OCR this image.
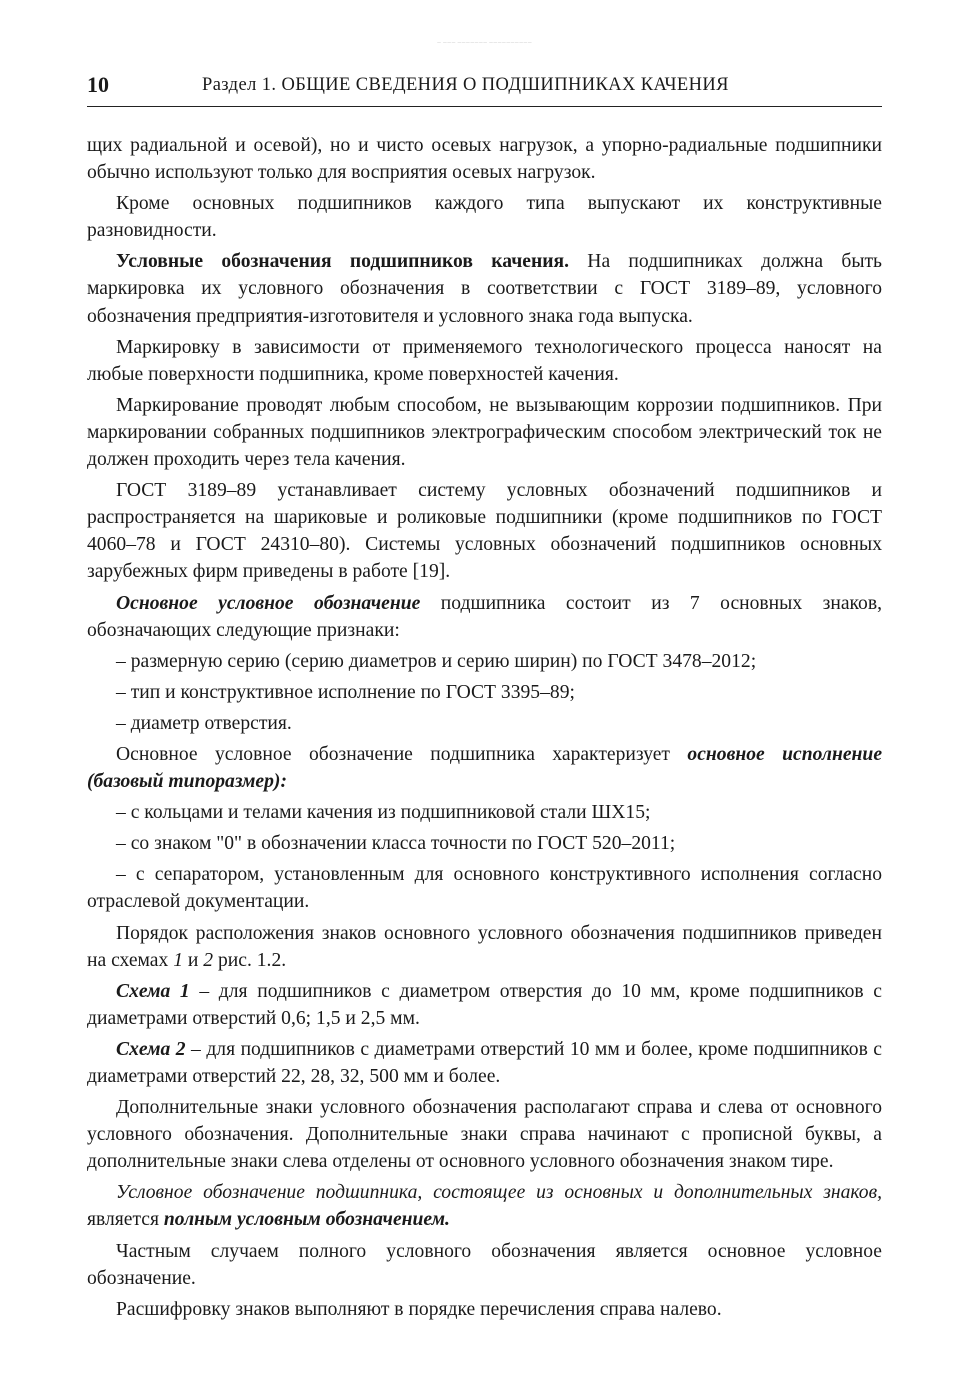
— ——— ——————— ——————————
10	Раздел 1. ОБЩИЕ СВЕДЕНИЯ О ПОДШИПНИКАХ КАЧЕНИЯ

щих радиальной и осевой), но и чисто осевых нагрузок, а упорно-радиальные подшипники обычно используют только для восприятия осевых нагрузок.

Кроме основных подшипников каждого типа выпускают их конструктивные разновидности.

Условные обозначения подшипников качения. На подшипниках должна быть маркировка их условного обозначения в соответствии с ГОСТ 3189–89, условного обозначения предприятия-изготовителя и условного знака года выпуска.

Маркировку в зависимости от применяемого технологического процесса наносят на любые поверхности подшипника, кроме поверхностей качения.

Маркирование проводят любым способом, не вызывающим коррозии подшипников. При маркировании собранных подшипников электрографическим способом электрический ток не должен проходить через тела качения.

ГОСТ 3189–89 устанавливает систему условных обозначений подшипников и распространяется на шариковые и роликовые подшипники (кроме подшипников по ГОСТ 4060–78 и ГОСТ 24310–80). Системы условных обозначений подшипников основных зарубежных фирм приведены в работе [19].

Основное условное обозначение подшипника состоит из 7 основных знаков, обозначающих следующие признаки:

– размерную серию (серию диаметров и серию ширин) по ГОСТ 3478–2012;

– тип и конструктивное исполнение по ГОСТ 3395–89;

– диаметр отверстия.

Основное условное обозначение подшипника характеризует основное исполнение (базовый типоразмер):

– с кольцами и телами качения из подшипниковой стали ШХ15;

– со знаком "0" в обозначении класса точности по ГОСТ 520–2011;

– с сепаратором, установленным для основного конструктивного исполнения согласно отраслевой документации.

Порядок расположения знаков основного условного обозначения подшипников приведен на схемах 1 и 2 рис. 1.2.

Схема 1 – для подшипников с диаметром отверстия до 10 мм, кроме подшипников с диаметрами отверстий 0,6; 1,5 и 2,5 мм.

Схема 2 – для подшипников с диаметрами отверстий 10 мм и более, кроме подшипников с диаметрами отверстий 22, 28, 32, 500 мм и более.

Дополнительные знаки условного обозначения располагают справа и слева от основного условного обозначения. Дополнительные знаки справа начинают с прописной буквы, а дополнительные знаки слева отделены от основного условного обозначения знаком тире.

Условное обозначение подшипника, состоящее из основных и дополнительных знаков, является полным условным обозначением.

Частным случаем полного условного обозначения является основное условное обозначение.

Расшифровку знаков выполняют в порядке перечисления справа налево.
